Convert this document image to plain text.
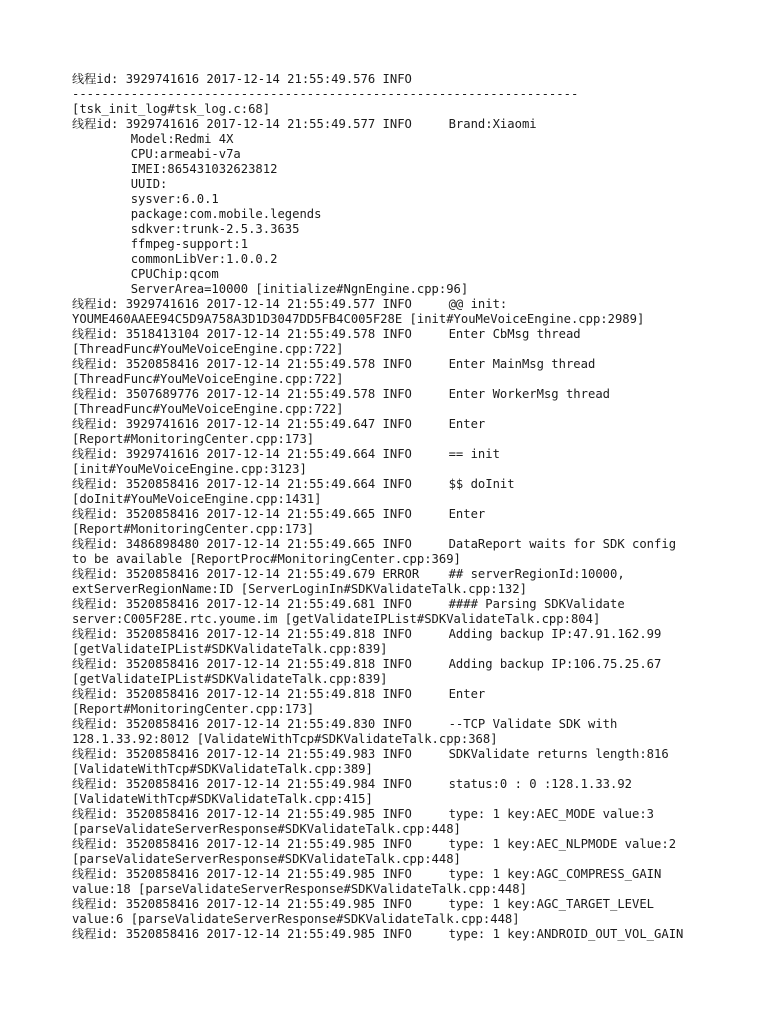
线程id: 3929741616 2017-12-14 21:55:49.576 INFO
---------------------------------------------------------------------
[tsk_init_log#tsk_log.c:68]
线程id: 3929741616 2017-12-14 21:55:49.577 INFO     Brand:Xiaomi
Model:Redmi 4X
CPU:armeabi-v7a
IMEI:865431032623812
UUID:
sysver:6.0.1
package:com.mobile.legends
sdkver:trunk-2.5.3.3635
ffmpeg-support:1
commonLibVer:1.0.0.2
CPUChip:qcom
ServerArea=10000 [initialize#NgnEngine.cpp:96]
线程id: 3929741616 2017-12-14 21:55:49.577 INFO     @@ init:
YOUME460AAEE94C5D9A758A3D1D3047DD5FB4C005F28E [init#YouMeVoiceEngine.cpp:2989]
线程id: 3518413104 2017-12-14 21:55:49.578 INFO     Enter CbMsg thread
[ThreadFunc#YouMeVoiceEngine.cpp:722]
线程id: 3520858416 2017-12-14 21:55:49.578 INFO     Enter MainMsg thread
[ThreadFunc#YouMeVoiceEngine.cpp:722]
线程id: 3507689776 2017-12-14 21:55:49.578 INFO     Enter WorkerMsg thread
[ThreadFunc#YouMeVoiceEngine.cpp:722]
线程id: 3929741616 2017-12-14 21:55:49.647 INFO     Enter
[Report#MonitoringCenter.cpp:173]
线程id: 3929741616 2017-12-14 21:55:49.664 INFO     == init
[init#YouMeVoiceEngine.cpp:3123]
线程id: 3520858416 2017-12-14 21:55:49.664 INFO     $$ doInit
[doInit#YouMeVoiceEngine.cpp:1431]
线程id: 3520858416 2017-12-14 21:55:49.665 INFO     Enter
[Report#MonitoringCenter.cpp:173]
线程id: 3486898480 2017-12-14 21:55:49.665 INFO     DataReport waits for SDK config
to be available [ReportProc#MonitoringCenter.cpp:369]
线程id: 3520858416 2017-12-14 21:55:49.679 ERROR    ## serverRegionId:10000,
extServerRegionName:ID [ServerLoginIn#SDKValidateTalk.cpp:132]
线程id: 3520858416 2017-12-14 21:55:49.681 INFO     #### Parsing SDKValidate
server:C005F28E.rtc.youme.im [getValidateIPList#SDKValidateTalk.cpp:804]
线程id: 3520858416 2017-12-14 21:55:49.818 INFO     Adding backup IP:47.91.162.99
[getValidateIPList#SDKValidateTalk.cpp:839]
线程id: 3520858416 2017-12-14 21:55:49.818 INFO     Adding backup IP:106.75.25.67
[getValidateIPList#SDKValidateTalk.cpp:839]
线程id: 3520858416 2017-12-14 21:55:49.818 INFO     Enter
[Report#MonitoringCenter.cpp:173]
线程id: 3520858416 2017-12-14 21:55:49.830 INFO     --TCP Validate SDK with
128.1.33.92:8012 [ValidateWithTcp#SDKValidateTalk.cpp:368]
线程id: 3520858416 2017-12-14 21:55:49.983 INFO     SDKValidate returns length:816
[ValidateWithTcp#SDKValidateTalk.cpp:389]
线程id: 3520858416 2017-12-14 21:55:49.984 INFO     status:0 : 0 :128.1.33.92
[ValidateWithTcp#SDKValidateTalk.cpp:415]
线程id: 3520858416 2017-12-14 21:55:49.985 INFO     type: 1 key:AEC_MODE value:3
[parseValidateServerResponse#SDKValidateTalk.cpp:448]
线程id: 3520858416 2017-12-14 21:55:49.985 INFO     type: 1 key:AEC_NLPMODE value:2
[parseValidateServerResponse#SDKValidateTalk.cpp:448]
线程id: 3520858416 2017-12-14 21:55:49.985 INFO     type: 1 key:AGC_COMPRESS_GAIN
value:18 [parseValidateServerResponse#SDKValidateTalk.cpp:448]
线程id: 3520858416 2017-12-14 21:55:49.985 INFO     type: 1 key:AGC_TARGET_LEVEL
value:6 [parseValidateServerResponse#SDKValidateTalk.cpp:448]
线程id: 3520858416 2017-12-14 21:55:49.985 INFO     type: 1 key:ANDROID_OUT_VOL_GAIN
